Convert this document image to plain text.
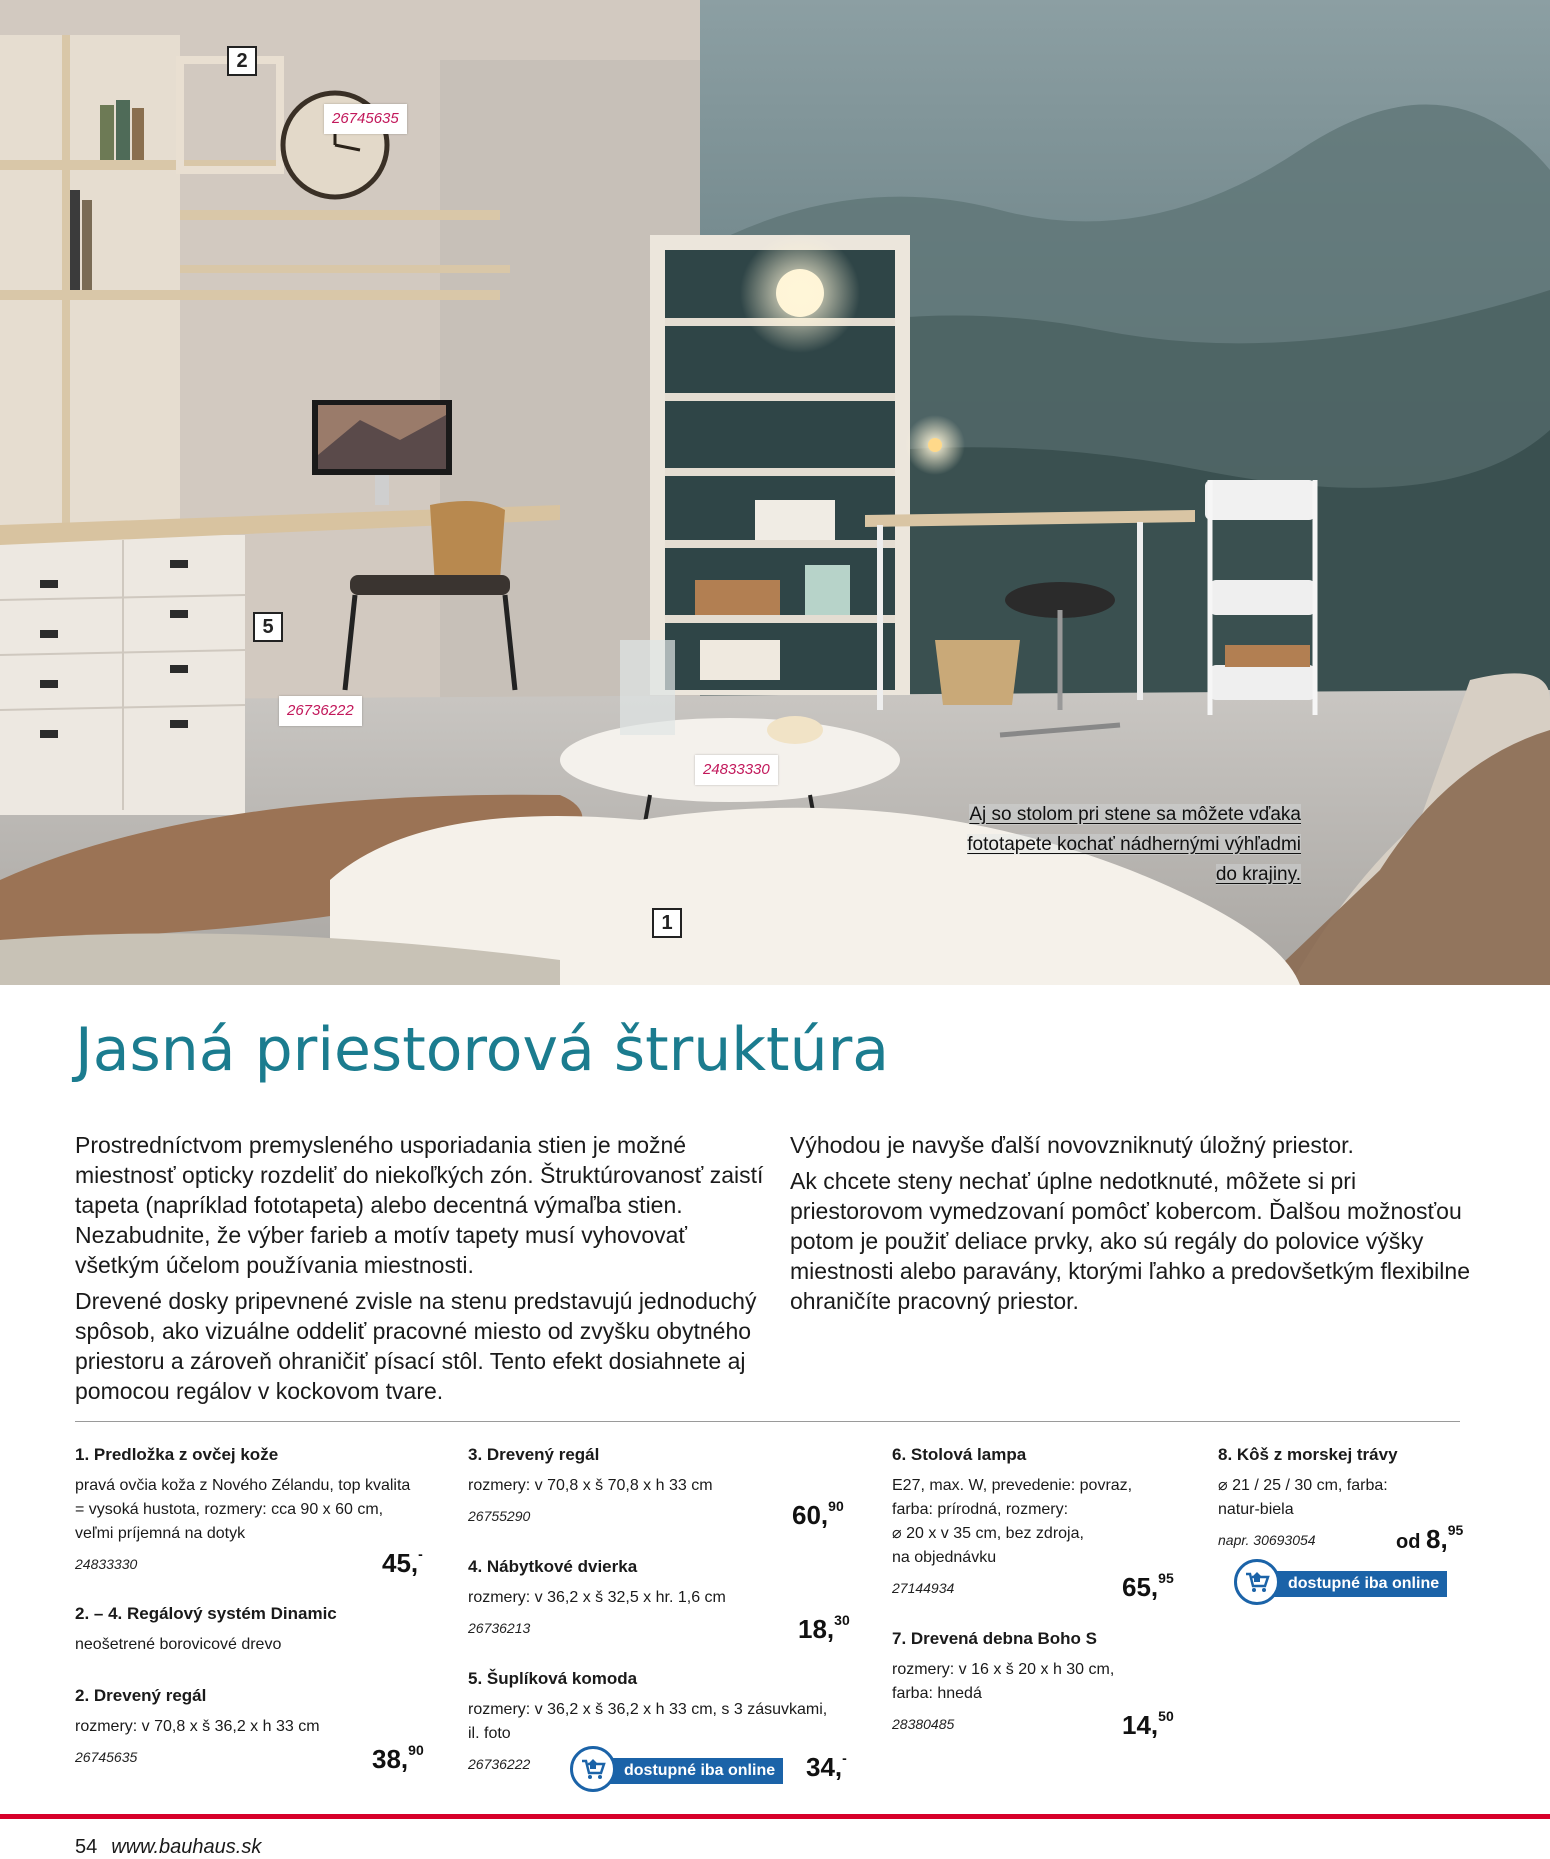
2
5
1
26745635
26736222
24833330
Aj so stolom pri stene sa môžete vďaka
fototapete kochať nádhernými výhľadmi
do krajiny.
Jasná priestorová štruktúra

Prostredníctvom premysleného usporiadania stien je možné miestnosť opticky rozdeliť do niekoľkých zón. Štruktúrovanosť zaistí tapeta (napríklad fototapeta) alebo decentná výmaľba stien. Nezabudnite, že výber farieb a motív tapety musí vyhovovať všetkým účelom používania miestnosti.

Drevené dosky pripevnené zvisle na stenu predstavujú jednoduchý spôsob, ako vizuálne oddeliť pracovné miesto od zvyšku obytného priestoru a zároveň ohraničiť písací stôl. Tento efekt dosiahnete aj pomocou regálov v kockovom tvare.

Výhodou je navyše ďalší novovzniknutý úložný priestor.

Ak chcete steny nechať úplne nedotknuté, môžete si pri priestorovom vymedzovaní pomôcť kobercom. Ďalšou možnosťou potom je použiť deliace prvky, ako sú regály do polovice výšky miestnosti alebo paravány, ktorými ľahko a predovšetkým flexibilne ohraničíte pracovný priestor.

1. Predložka z ovčej kože
pravá ovčia koža z Nového Zélandu, top kvalita
= vysoká hustota, rozmery: cca 90 x 60 cm,
veľmi príjemná na dotyk
24833330	45,-
2. – 4. Regálový systém Dinamic
neošetrené borovicové drevo
2. Drevený regál
rozmery: v 70,8 x š 36,2 x h 33 cm
26745635	38,90
3. Drevený regál
rozmery: v 70,8 x š 70,8 x h 33 cm
26755290	60,90
4. Nábytkové dvierka
rozmery: v 36,2 x š 32,5 x hr. 1,6 cm
26736213	18,30
5. Šuplíková komoda
rozmery: v 36,2 x š 36,2 x h 33 cm, s 3 zásuvkami,
il. foto
26736222	dostupné iba online	34,-
6. Stolová lampa
E27, max. W, prevedenie: povraz,
farba: prírodná, rozmery:
⌀ 20 x v 35 cm, bez zdroja,
na objednávku
27144934	65,95
7. Drevená debna Boho S
rozmery: v 16 x š 20 x h 30 cm,
farba: hnedá
28380485	14,50
8. Kôš z morskej trávy
⌀ 21 / 25 / 30 cm, farba:
natur-biela
napr. 30693054	od 8,95
dostupné iba online
54 www.bauhaus.sk
